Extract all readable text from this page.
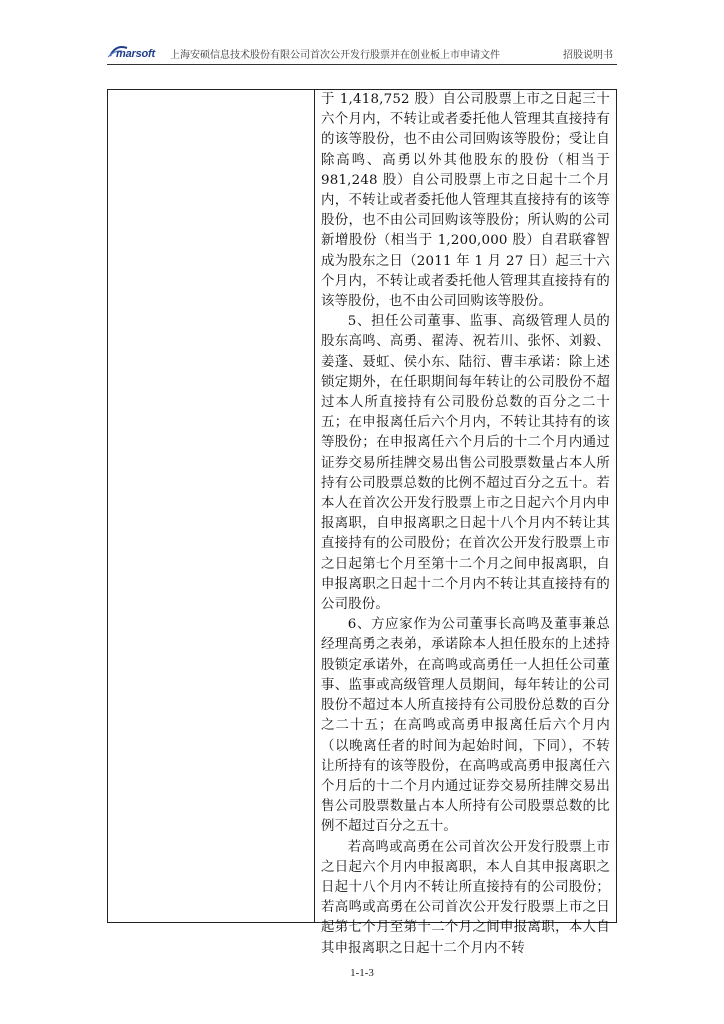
marsoft 上海安硕信息技术股份有限公司首次公开发行股票并在创业板上市申请文件	招股说明书

于 1,418,752 股）自公司股票上市之日起三十六个月内，不转让或者委托他人管理其直接持有的该等股份，也不由公司回购该等股份；受让自除高鸣、高勇以外其他股东的股份（相当于 981,248 股）自公司股票上市之日起十二个月内，不转让或者委托他人管理其直接持有的该等股份，也不由公司回购该等股份；所认购的公司新增股份（相当于 1,200,000 股）自君联睿智成为股东之日（2011 年 1 月 27 日）起三十六个月内，不转让或者委托他人管理其直接持有的该等股份，也不由公司回购该等股份。

5、担任公司董事、监事、高级管理人员的股东高鸣、高勇、翟涛、祝若川、张怀、刘毅、姜蓬、聂虹、侯小东、陆衍、曹丰承诺：除上述锁定期外，在任职期间每年转让的公司股份不超过本人所直接持有公司股份总数的百分之二十五；在申报离任后六个月内，不转让其持有的该等股份；在申报离任六个月后的十二个月内通过证券交易所挂牌交易出售公司股票数量占本人所持有公司股票总数的比例不超过百分之五十。若本人在首次公开发行股票上市之日起六个月内申报离职，自申报离职之日起十八个月内不转让其直接持有的公司股份；在首次公开发行股票上市之日起第七个月至第十二个月之间申报离职，自申报离职之日起十二个月内不转让其直接持有的公司股份。

6、方应家作为公司董事长高鸣及董事兼总经理高勇之表弟，承诺除本人担任股东的上述持股锁定承诺外，在高鸣或高勇任一人担任公司董事、监事或高级管理人员期间，每年转让的公司股份不超过本人所直接持有公司股份总数的百分之二十五；在高鸣或高勇申报离任后六个月内（以晚离任者的时间为起始时间，下同），不转让所持有的该等股份，在高鸣或高勇申报离任六个月后的十二个月内通过证券交易所挂牌交易出售公司股票数量占本人所持有公司股票总数的比例不超过百分之五十。

若高鸣或高勇在公司首次公开发行股票上市之日起六个月内申报离职，本人自其申报离职之日起十八个月内不转让所直接持有的公司股份；若高鸣或高勇在公司首次公开发行股票上市之日起第七个月至第十二个月之间申报离职，本人自其申报离职之日起十二个月内不转

1-1-3
